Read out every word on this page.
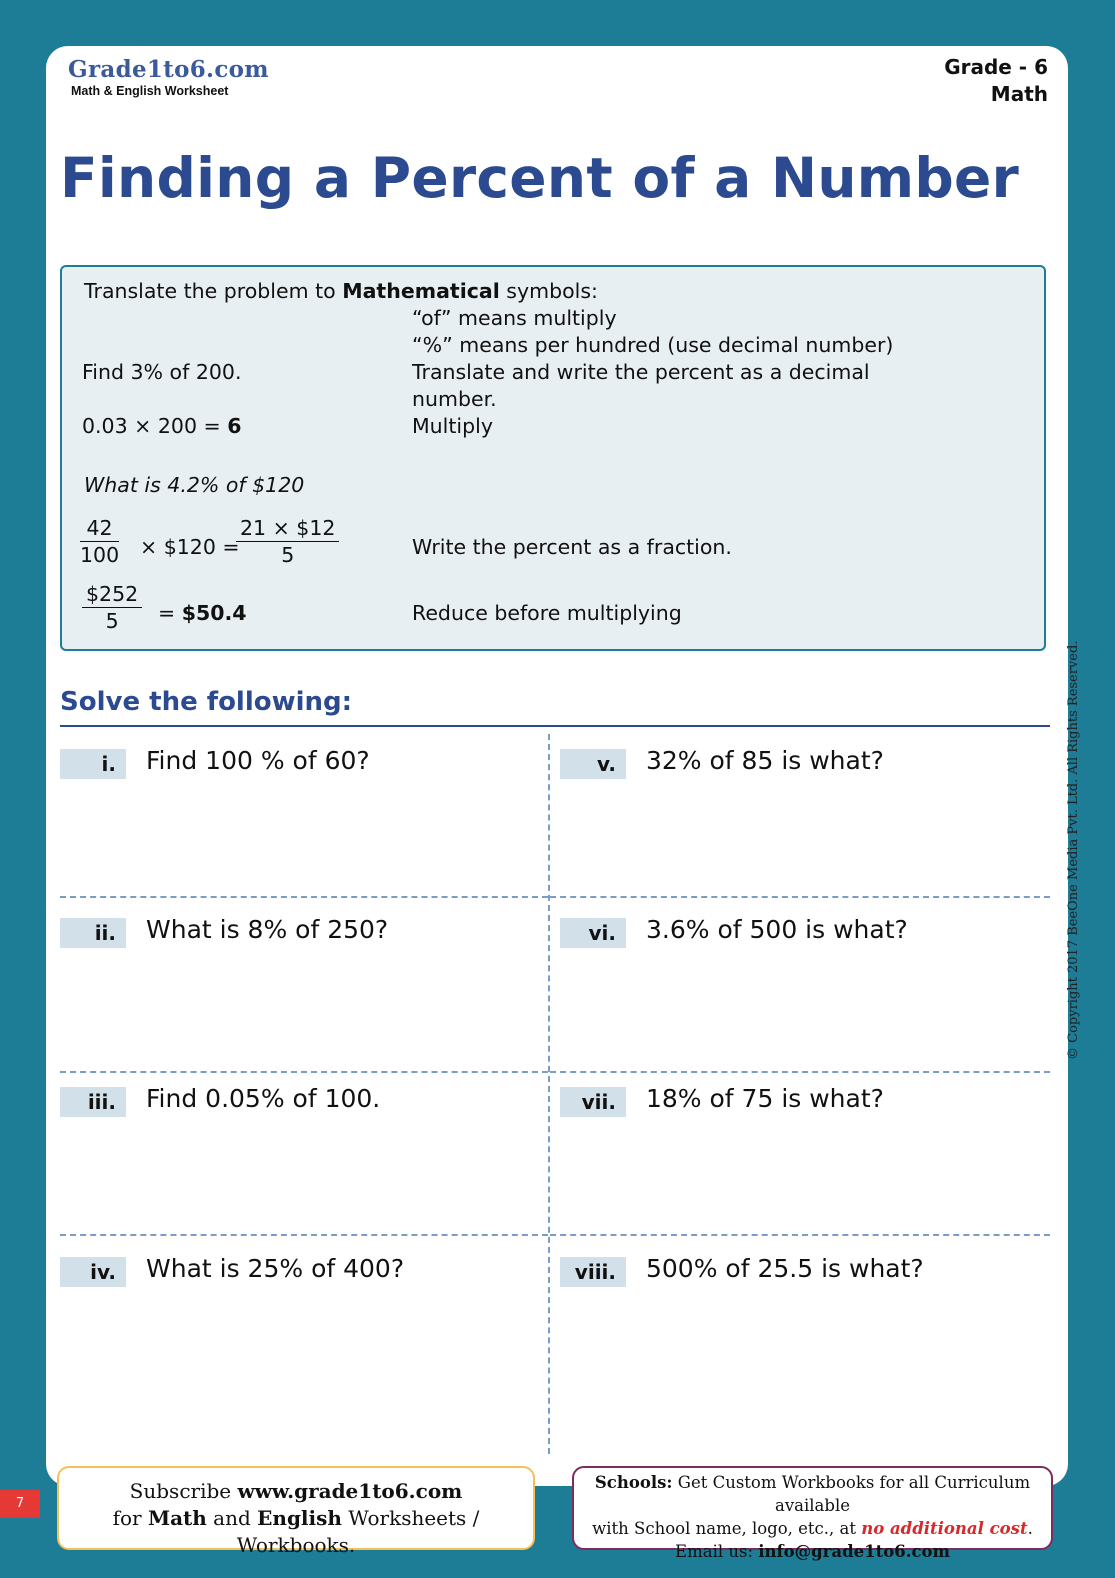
Grade1to6.com
Math & English Worksheet
Grade - 6
Math
Finding a Percent of a Number
Translate the problem to Mathematical symbols:
“of” means multiply
“%” means per hundred (use decimal number)
Find 3% of 200.	Translate and write the percent as a decimal
number.
0.03 × 200 = 6	Multiply
What is 4.2% of $120
$\frac{42}{100}$ × $120 =
$\frac{21 \times \$12}{5}$	Write the percent as a fraction.
$\frac{\$252}{5}$ = $50.4	Reduce before multiplying
Solve the following:
i.	Find 100 % of 60?
ii.	What is 8% of 250?
iii.	Find 0.05% of 100.
iv.	What is 25% of 400?
v.	32% of 85 is what?
vi.	3.6% of 500 is what?
vii.	18% of 75 is what?
viii.	500% of 25.5 is what?
© Copyright 2017 BeeOne Media Pvt. Ltd. All Rights Reserved.
7
Subscribe www.grade1to6.com
for Math and English Worksheets / Workbooks.
Schools: Get Custom Workbooks for all Curriculum available
with School name, logo, etc., at no additional cost.
Email us: info@grade1to6.com
